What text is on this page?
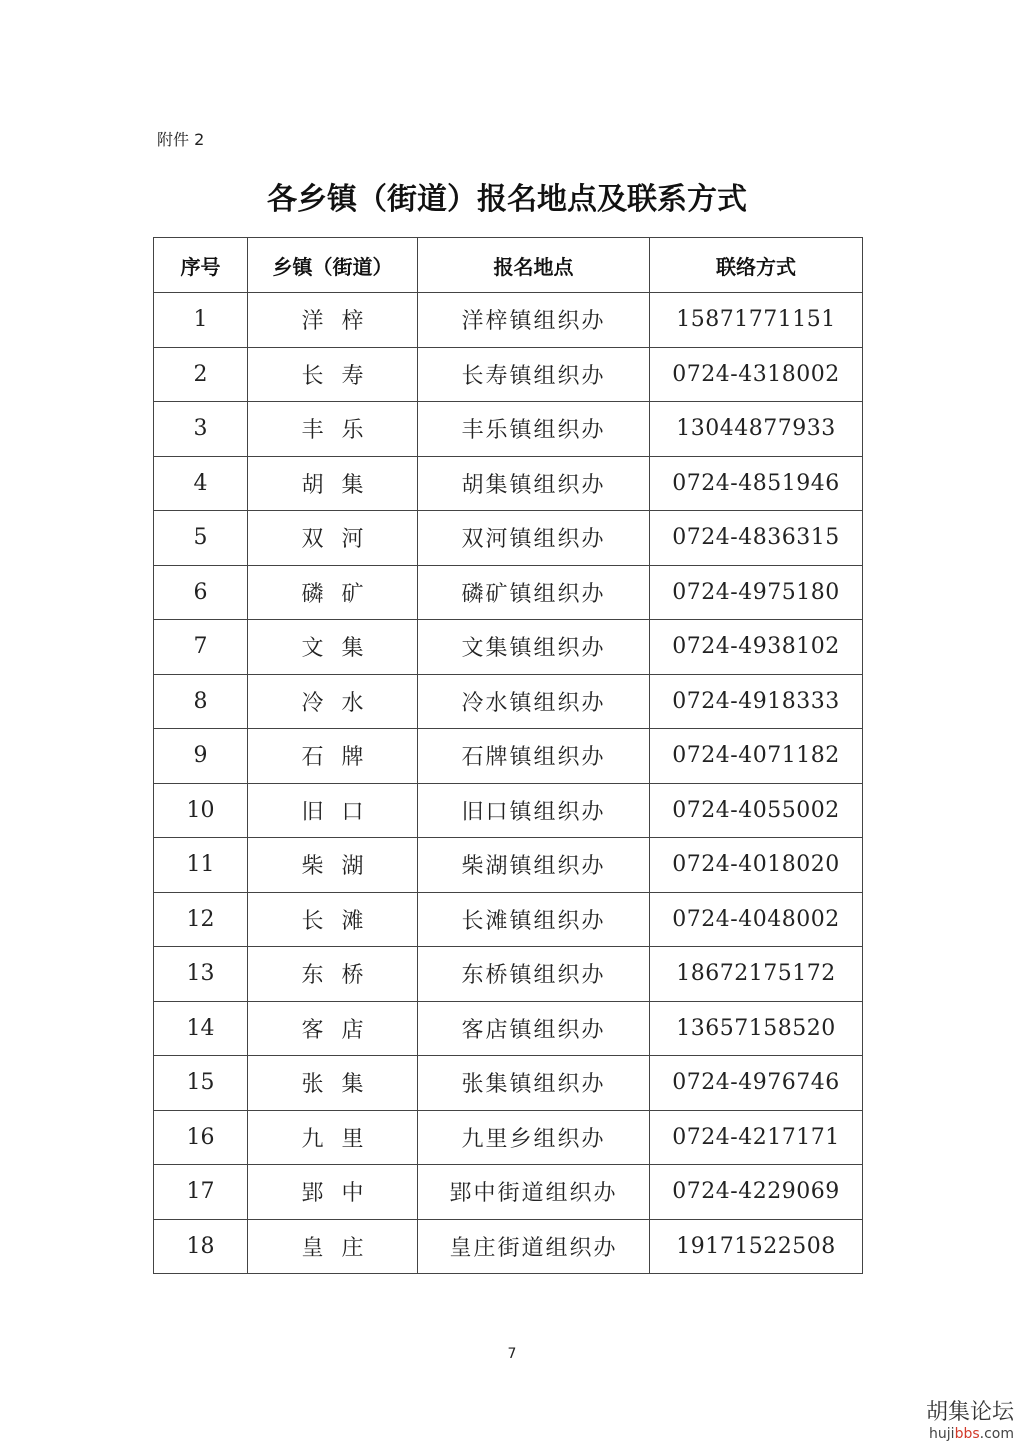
附件 2
各乡镇（街道）报名地点及联系方式
序号	乡镇（街道）	报名地点	联络方式
1	洋梓	洋梓镇组织办	15871771151
2	长寿	长寿镇组织办	0724-4318002
3	丰乐	丰乐镇组织办	13044877933
4	胡集	胡集镇组织办	0724-4851946
5	双河	双河镇组织办	0724-4836315
6	磷矿	磷矿镇组织办	0724-4975180
7	文集	文集镇组织办	0724-4938102
8	冷水	冷水镇组织办	0724-4918333
9	石牌	石牌镇组织办	0724-4071182
10	旧口	旧口镇组织办	0724-4055002
11	柴湖	柴湖镇组织办	0724-4018020
12	长滩	长滩镇组织办	0724-4048002
13	东桥	东桥镇组织办	18672175172
14	客店	客店镇组织办	13657158520
15	张集	张集镇组织办	0724-4976746
16	九里	九里乡组织办	0724-4217171
17	郢中	郢中街道组织办	0724-4229069
18	皇庄	皇庄街道组织办	19171522508
7
胡集论坛
hujibbs.com
